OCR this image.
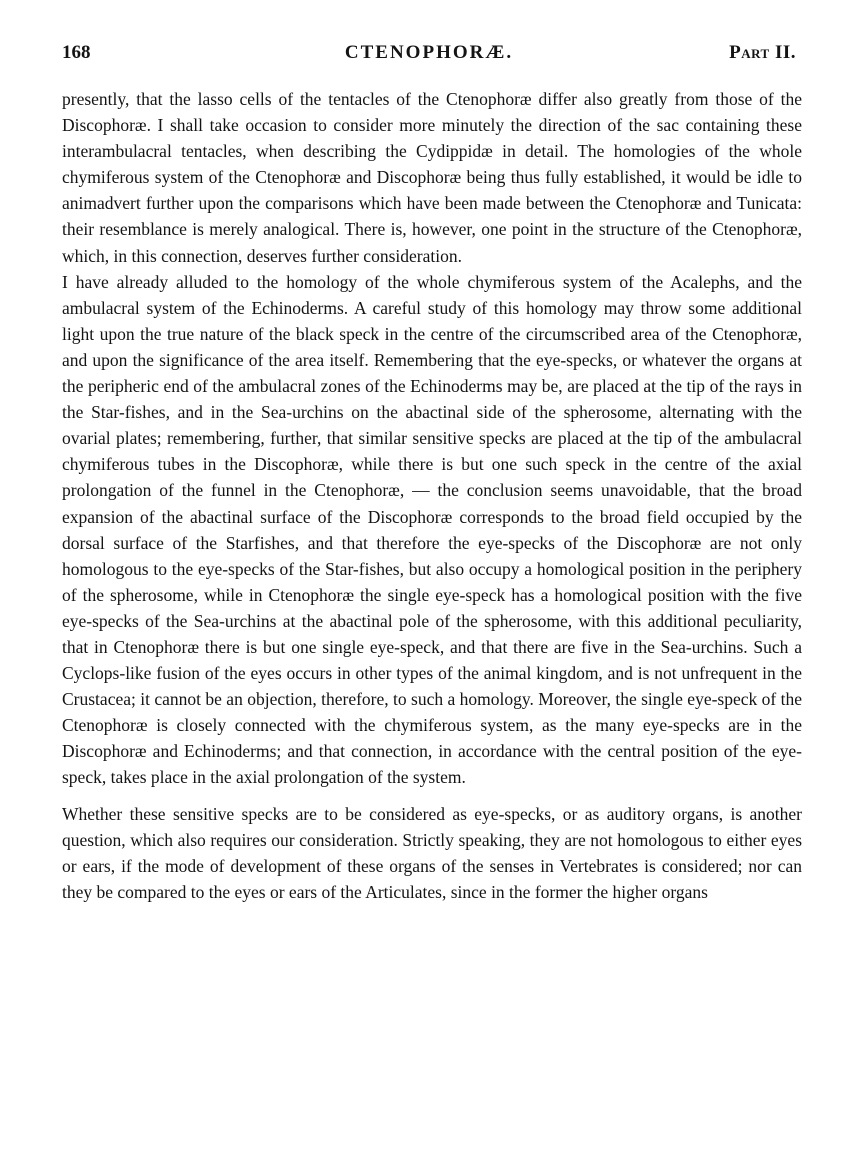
168	CTENOPHORÆ.	Part II.

presently, that the lasso cells of the tentacles of the Ctenophoræ differ also greatly from those of the Discophoræ. I shall take occasion to consider more minutely the direction of the sac containing these interambulacral tentacles, when describing the Cydippidæ in detail. The homologies of the whole chymiferous system of the Ctenophoræ and Discophoræ being thus fully established, it would be idle to animadvert further upon the comparisons which have been made between the Ctenophoræ and Tunicata: their resemblance is merely analogical. There is, however, one point in the structure of the Ctenophoræ, which, in this connection, deserves further consideration.

I have already alluded to the homology of the whole chymiferous system of the Acalephs, and the ambulacral system of the Echinoderms. A careful study of this homology may throw some additional light upon the true nature of the black speck in the centre of the circumscribed area of the Ctenophoræ, and upon the significance of the area itself. Remembering that the eye-specks, or whatever the organs at the peripheric end of the ambulacral zones of the Echinoderms may be, are placed at the tip of the rays in the Star-fishes, and in the Sea-urchins on the abactinal side of the spherosome, alternating with the ovarial plates; remembering, further, that similar sensitive specks are placed at the tip of the ambulacral chymiferous tubes in the Discophoræ, while there is but one such speck in the centre of the axial prolongation of the funnel in the Ctenophoræ, — the conclusion seems unavoidable, that the broad expansion of the abactinal surface of the Discophoræ corresponds to the broad field occupied by the dorsal surface of the Starfishes, and that therefore the eye-specks of the Discophoræ are not only homologous to the eye-specks of the Star-fishes, but also occupy a homological position in the periphery of the spherosome, while in Ctenophoræ the single eye-speck has a homological position with the five eye-specks of the Sea-urchins at the abactinal pole of the spherosome, with this additional peculiarity, that in Ctenophoræ there is but one single eye-speck, and that there are five in the Sea-urchins. Such a Cyclops-like fusion of the eyes occurs in other types of the animal kingdom, and is not unfrequent in the Crustacea; it cannot be an objection, therefore, to such a homology. Moreover, the single eye-speck of the Ctenophoræ is closely connected with the chymiferous system, as the many eye-specks are in the Discophoræ and Echinoderms; and that connection, in accordance with the central position of the eye-speck, takes place in the axial prolongation of the system.

Whether these sensitive specks are to be considered as eye-specks, or as auditory organs, is another question, which also requires our consideration. Strictly speaking, they are not homologous to either eyes or ears, if the mode of development of these organs of the senses in Vertebrates is considered; nor can they be compared to the eyes or ears of the Articulates, since in the former the higher organs
